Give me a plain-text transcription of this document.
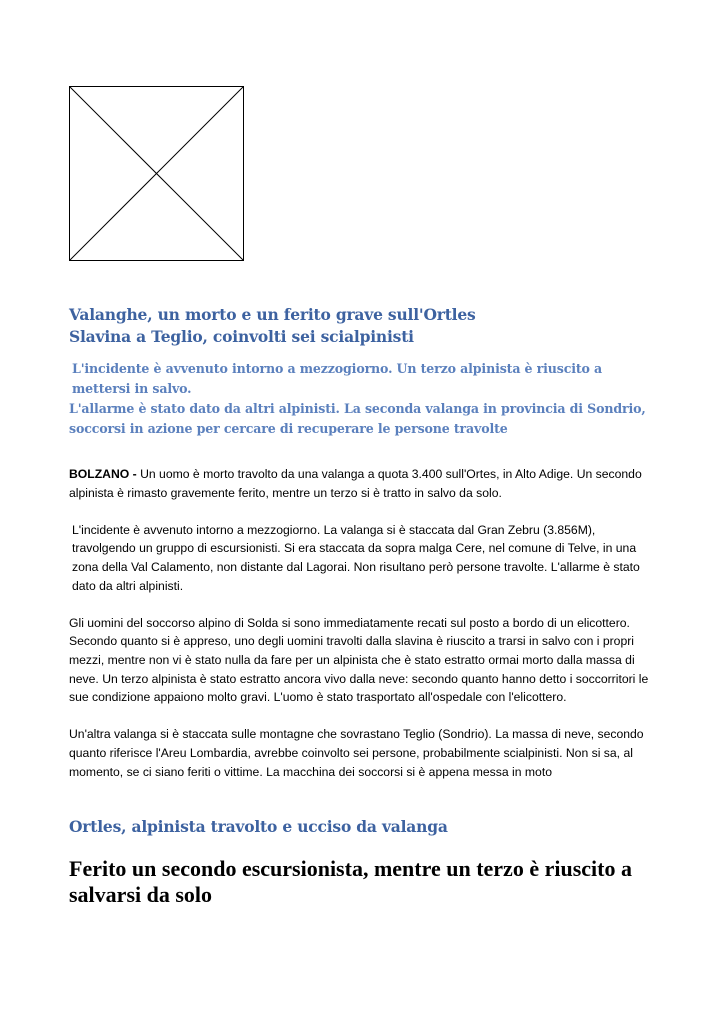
Valanghe, un morto e un ferito grave sull'Ortles
Slavina a Teglio, coinvolti sei scialpinisti

L'incidente è avvenuto intorno a mezzogiorno. Un terzo alpinista è riuscito a mettersi in salvo.

L'allarme è stato dato da altri alpinisti. La seconda valanga in provincia di Sondrio, soccorsi in azione per cercare di recuperare le persone travolte

BOLZANO - Un uomo è morto travolto da una valanga a quota 3.400 sull'Ortes, in Alto Adige. Un secondo alpinista è rimasto gravemente ferito, mentre un terzo si è tratto in salvo da solo.

L'incidente è avvenuto intorno a mezzogiorno. La valanga si è staccata dal Gran Zebru (3.856M), travolgendo un gruppo di escursionisti. Si era staccata da sopra malga Cere, nel comune di Telve, in una zona della Val Calamento, non distante dal Lagorai. Non risultano però persone travolte. L'allarme è stato dato da altri alpinisti.

Gli uomini del soccorso alpino di Solda si sono immediatamente recati sul posto a bordo di un elicottero. Secondo quanto si è appreso, uno degli uomini travolti dalla slavina è riuscito a trarsi in salvo con i propri mezzi, mentre non vi è stato nulla da fare per un alpinista che è stato estratto ormai morto dalla massa di neve. Un terzo alpinista è stato estratto ancora vivo dalla neve: secondo quanto hanno detto i soccorritori le sue condizione appaiono molto gravi. L'uomo è stato trasportato all'ospedale con l'elicottero.

Un'altra valanga si è staccata sulle montagne che sovrastano Teglio (Sondrio). La massa di neve, secondo quanto riferisce l'Areu Lombardia, avrebbe coinvolto sei persone, probabilmente scialpinisti. Non si sa, al momento, se ci siano feriti o vittime. La macchina dei soccorsi si è appena messa in moto

Ortles, alpinista travolto e ucciso da valanga
Ferito un secondo escursionista, mentre un terzo è riuscito a salvarsi da solo
